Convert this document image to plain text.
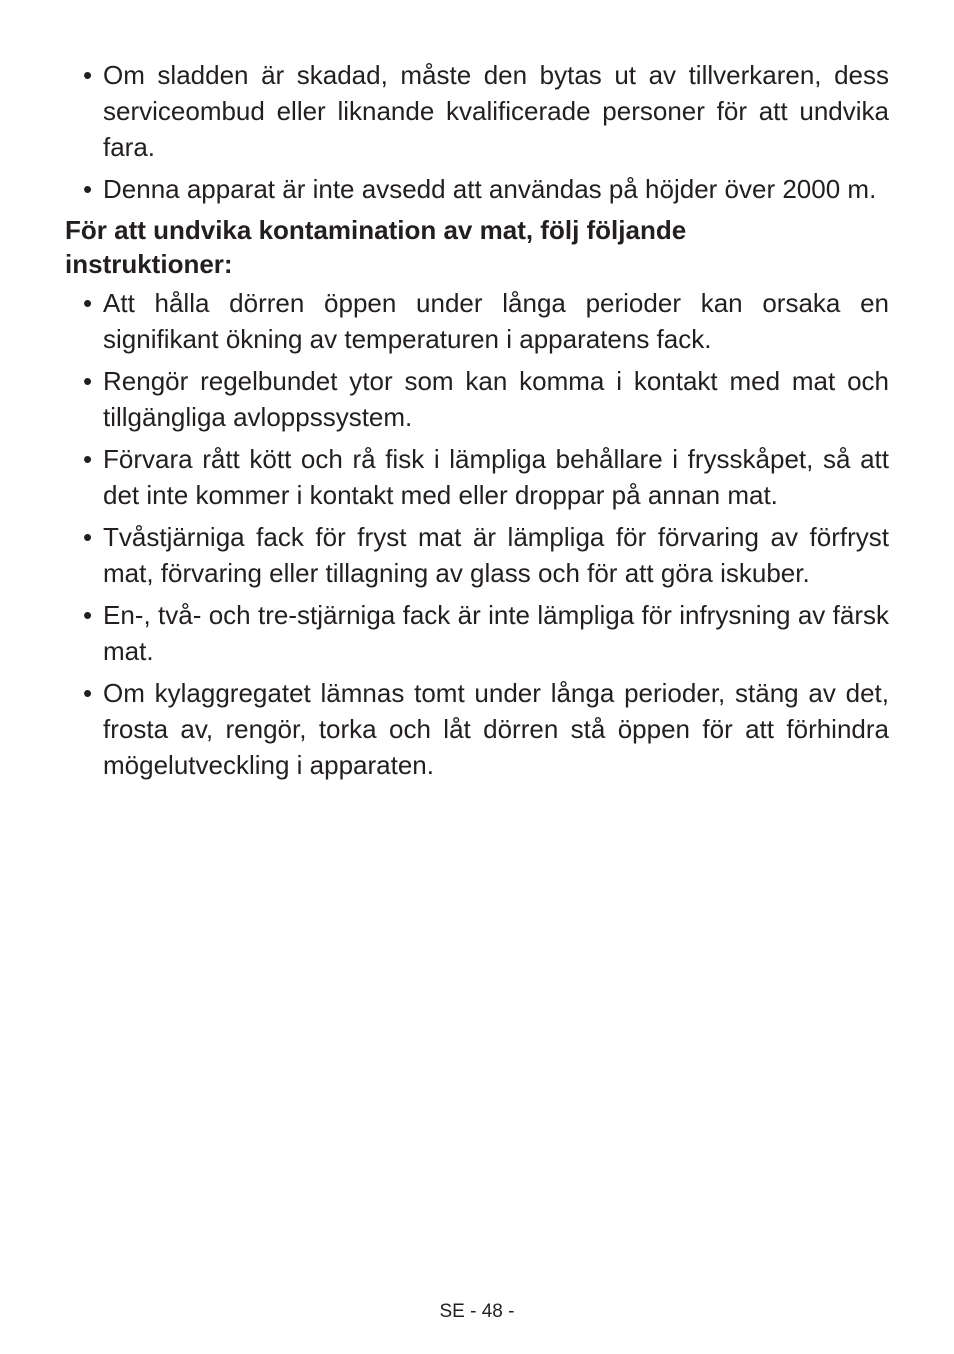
• Om sladden är skadad, måste den bytas ut av tillverkaren, dess serviceombud eller liknande kvalificerade personer för att undvika fara.
• Denna apparat är inte avsedd att användas på höjder över 2000 m.

För att undvika kontamination av mat, följ följande instruktioner:

• Att hålla dörren öppen under långa perioder kan orsaka en signifikant ökning av temperaturen i apparatens fack.
• Rengör regelbundet ytor som kan komma i kontakt med mat och tillgängliga avloppssystem.
• Förvara rått kött och rå fisk i lämpliga behållare i frysskåpet, så att det inte kommer i kontakt med eller droppar på annan mat.
• Tvåstjärniga fack för fryst mat är lämpliga för förvaring av förfryst mat, förvaring eller tillagning av glass och för att göra iskuber.
• En-, två- och tre-stjärniga fack är inte lämpliga för infrysning av färsk mat.
• Om kylaggregatet lämnas tomt under långa perioder, stäng av det, frosta av, rengör, torka och låt dörren stå öppen för att förhindra mögelutveckling i apparaten.
SE - 48 -
